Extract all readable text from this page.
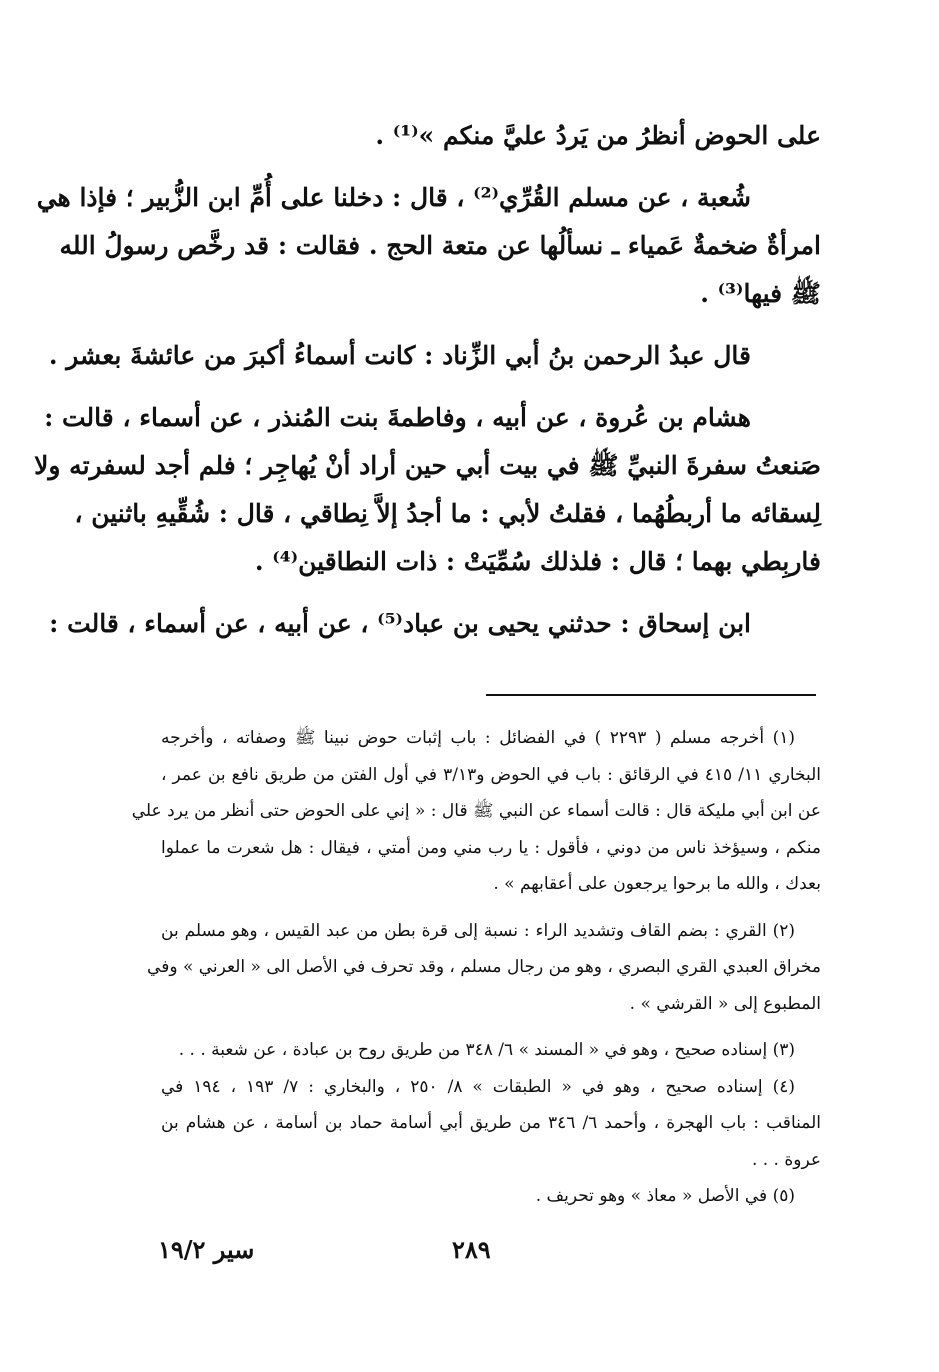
على الحوض أنظرُ من يَردُ عليَّ منكم »⁽¹⁾ .
شُعبة ، عن مسلم القُرِّي⁽²⁾ ، قال : دخلنا على أُمِّ ابن الزُّبير ؛ فإذا هي
امرأةٌ ضخمةٌ عَمياء ـ نسألُها عن متعة الحج . فقالت : قد رخَّص رسولُ الله
ﷺ فيها⁽³⁾ .
قال عبدُ الرحمن بنُ أبي الزِّناد : كانت أسماءُ أكبرَ من عائشةَ بعشر .
هشام بن عُروة ، عن أبيه ، وفاطمةَ بنت المُنذر ، عن أسماء ، قالت :
صَنعتُ سفرةَ النبيِّ ﷺ في بيت أبي حين أراد أنْ يُهاجِر ؛ فلم أجد لسفرته ولا
لِسقائه ما أربطُهُما ، فقلتُ لأبي : ما أجدُ إلاَّ نِطاقي ، قال : شُقِّيهِ باثنين ،
فاربِطي بهما ؛ قال : فلذلك سُمِّيَتْ : ذات النطاقين⁽⁴⁾ .
ابن إسحاق : حدثني يحيى بن عباد⁽⁵⁾ ، عن أبيه ، عن أسماء ، قالت :
(١) أخرجه مسلم ( ٢٢٩٣ ) في الفضائل : باب إثبات حوض نبينا ﷺ وصفاته ، وأخرجه
البخاري ١١/ ٤١٥ في الرقائق : باب في الحوض و٣/١٣ في أول الفتن من طريق نافع بن عمر ،
عن ابن أبي مليكة قال : قالت أسماء عن النبي ﷺ قال : « إني على الحوض حتى أنظر من يرد علي
منكم ، وسيؤخذ ناس من دوني ، فأقول : يا رب مني ومن أمتي ، فيقال : هل شعرت ما عملوا
بعدك ، والله ما برحوا يرجعون على أعقابهم » .
(٢) القري : بضم القاف وتشديد الراء : نسبة إلى قرة بطن من عبد القيس ، وهو مسلم بن
مخراق العبدي القري البصري ، وهو من رجال مسلم ، وقد تحرف في الأصل الى « العرني » وفي
المطبوع إلى « القرشي » .
(٣) إسناده صحيح ، وهو في « المسند » ٦/ ٣٤٨ من طريق روح بن عبادة ، عن شعبة . . .
(٤) إسناده صحيح ، وهو في « الطبقات » ٨/ ٢٥٠ ، والبخاري : ٧/ ١٩٣ ، ١٩٤ في
المناقب : باب الهجرة ، وأحمد ٦/ ٣٤٦ من طريق أبي أسامة حماد بن أسامة ، عن هشام بن
عروة . . .
(٥) في الأصل « معاذ » وهو تحريف .
٢٨٩
سير ١٩/٢
